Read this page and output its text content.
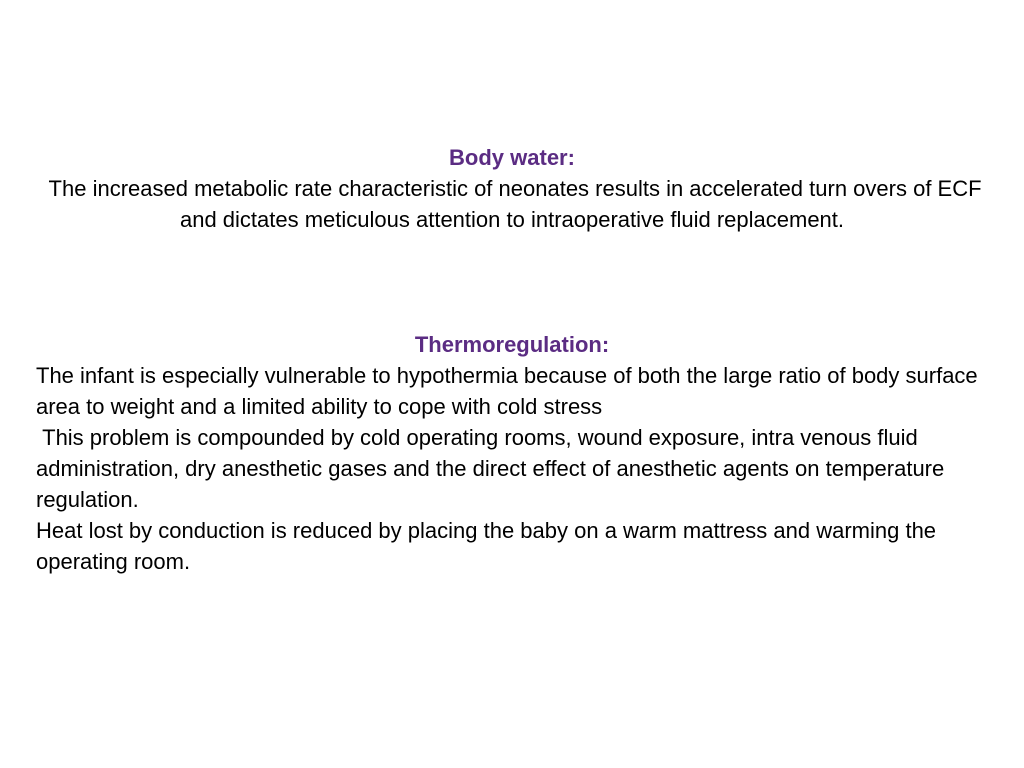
Body water:

The increased metabolic rate characteristic of neonates results in accelerated turn overs of ECF and dictates meticulous attention to intraoperative fluid replacement.

Thermoregulation:

The infant is especially vulnerable to hypothermia because of both the large ratio of body surface area to weight and a limited ability to cope with cold stress

This problem is compounded by cold operating rooms, wound exposure, intra venous fluid administration, dry anesthetic gases and the direct effect of anesthetic agents on temperature regulation.

Heat lost by conduction is reduced by placing the baby on a warm mattress and warming the operating room.
